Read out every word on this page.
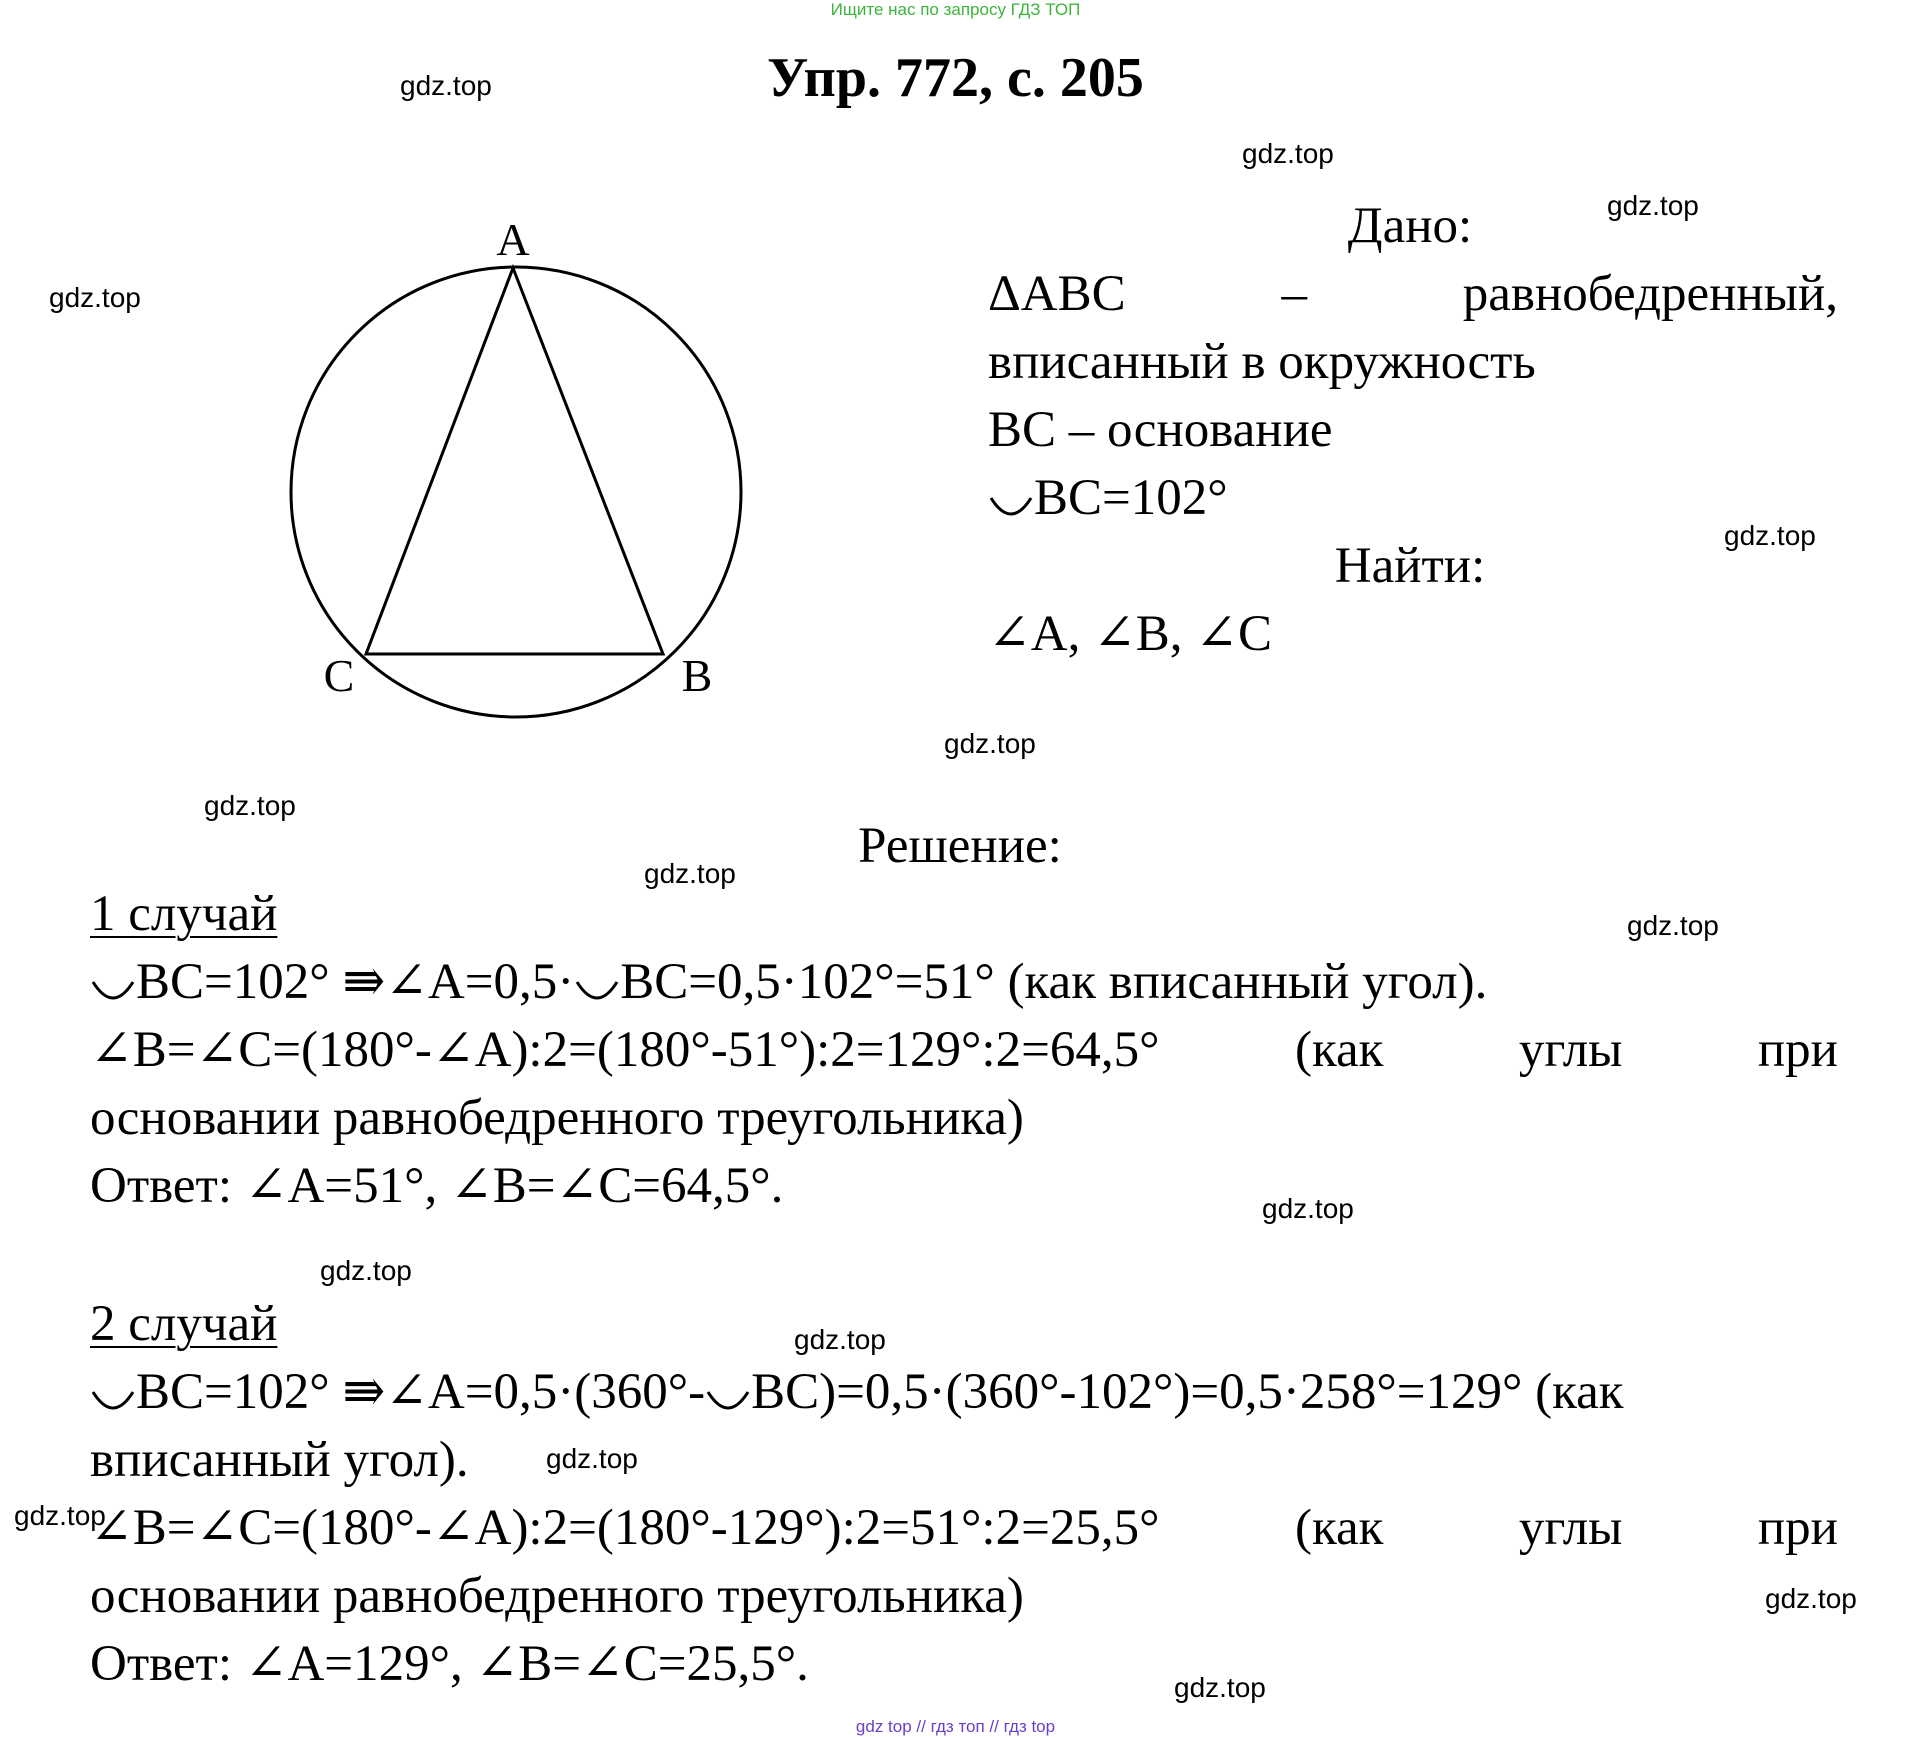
Ищите нас по запросу ГДЗ ТОП
Упр. 772, с. 205
gdz.top
gdz.top
gdz.top
gdz.top
gdz.top
gdz.top
gdz.top
gdz.top
gdz.top
gdz.top
gdz.top
gdz.top
gdz.top
gdz.top
gdz.top
gdz.top
A
C	B
Дано:
ΔABC	–	равнобедренный,
вписанный в окружность
BC – основание
BC=102°
Найти:
∠A, ∠B, ∠C
Решение:
1 случай
BC=102° ⇛∠A=0,5· BC=0,5·102°=51° (как вписанный угол).
∠B=∠C=(180°-∠A):2=(180°-51°):2=129°:2=64,5°	(как	углы	при
основании равнобедренного треугольника)
Ответ: ∠A=51°, ∠B=∠C=64,5°.
2 случай
BC=102° ⇛∠A=0,5·(360°- BC)=0,5·(360°-102°)=0,5·258°=129° (как
вписанный угол).
∠B=∠C=(180°-∠A):2=(180°-129°):2=51°:2=25,5°	(как	углы	при
основании равнобедренного треугольника)
Ответ: ∠A=129°, ∠B=∠C=25,5°.
gdz top // гдз топ // гдз top
